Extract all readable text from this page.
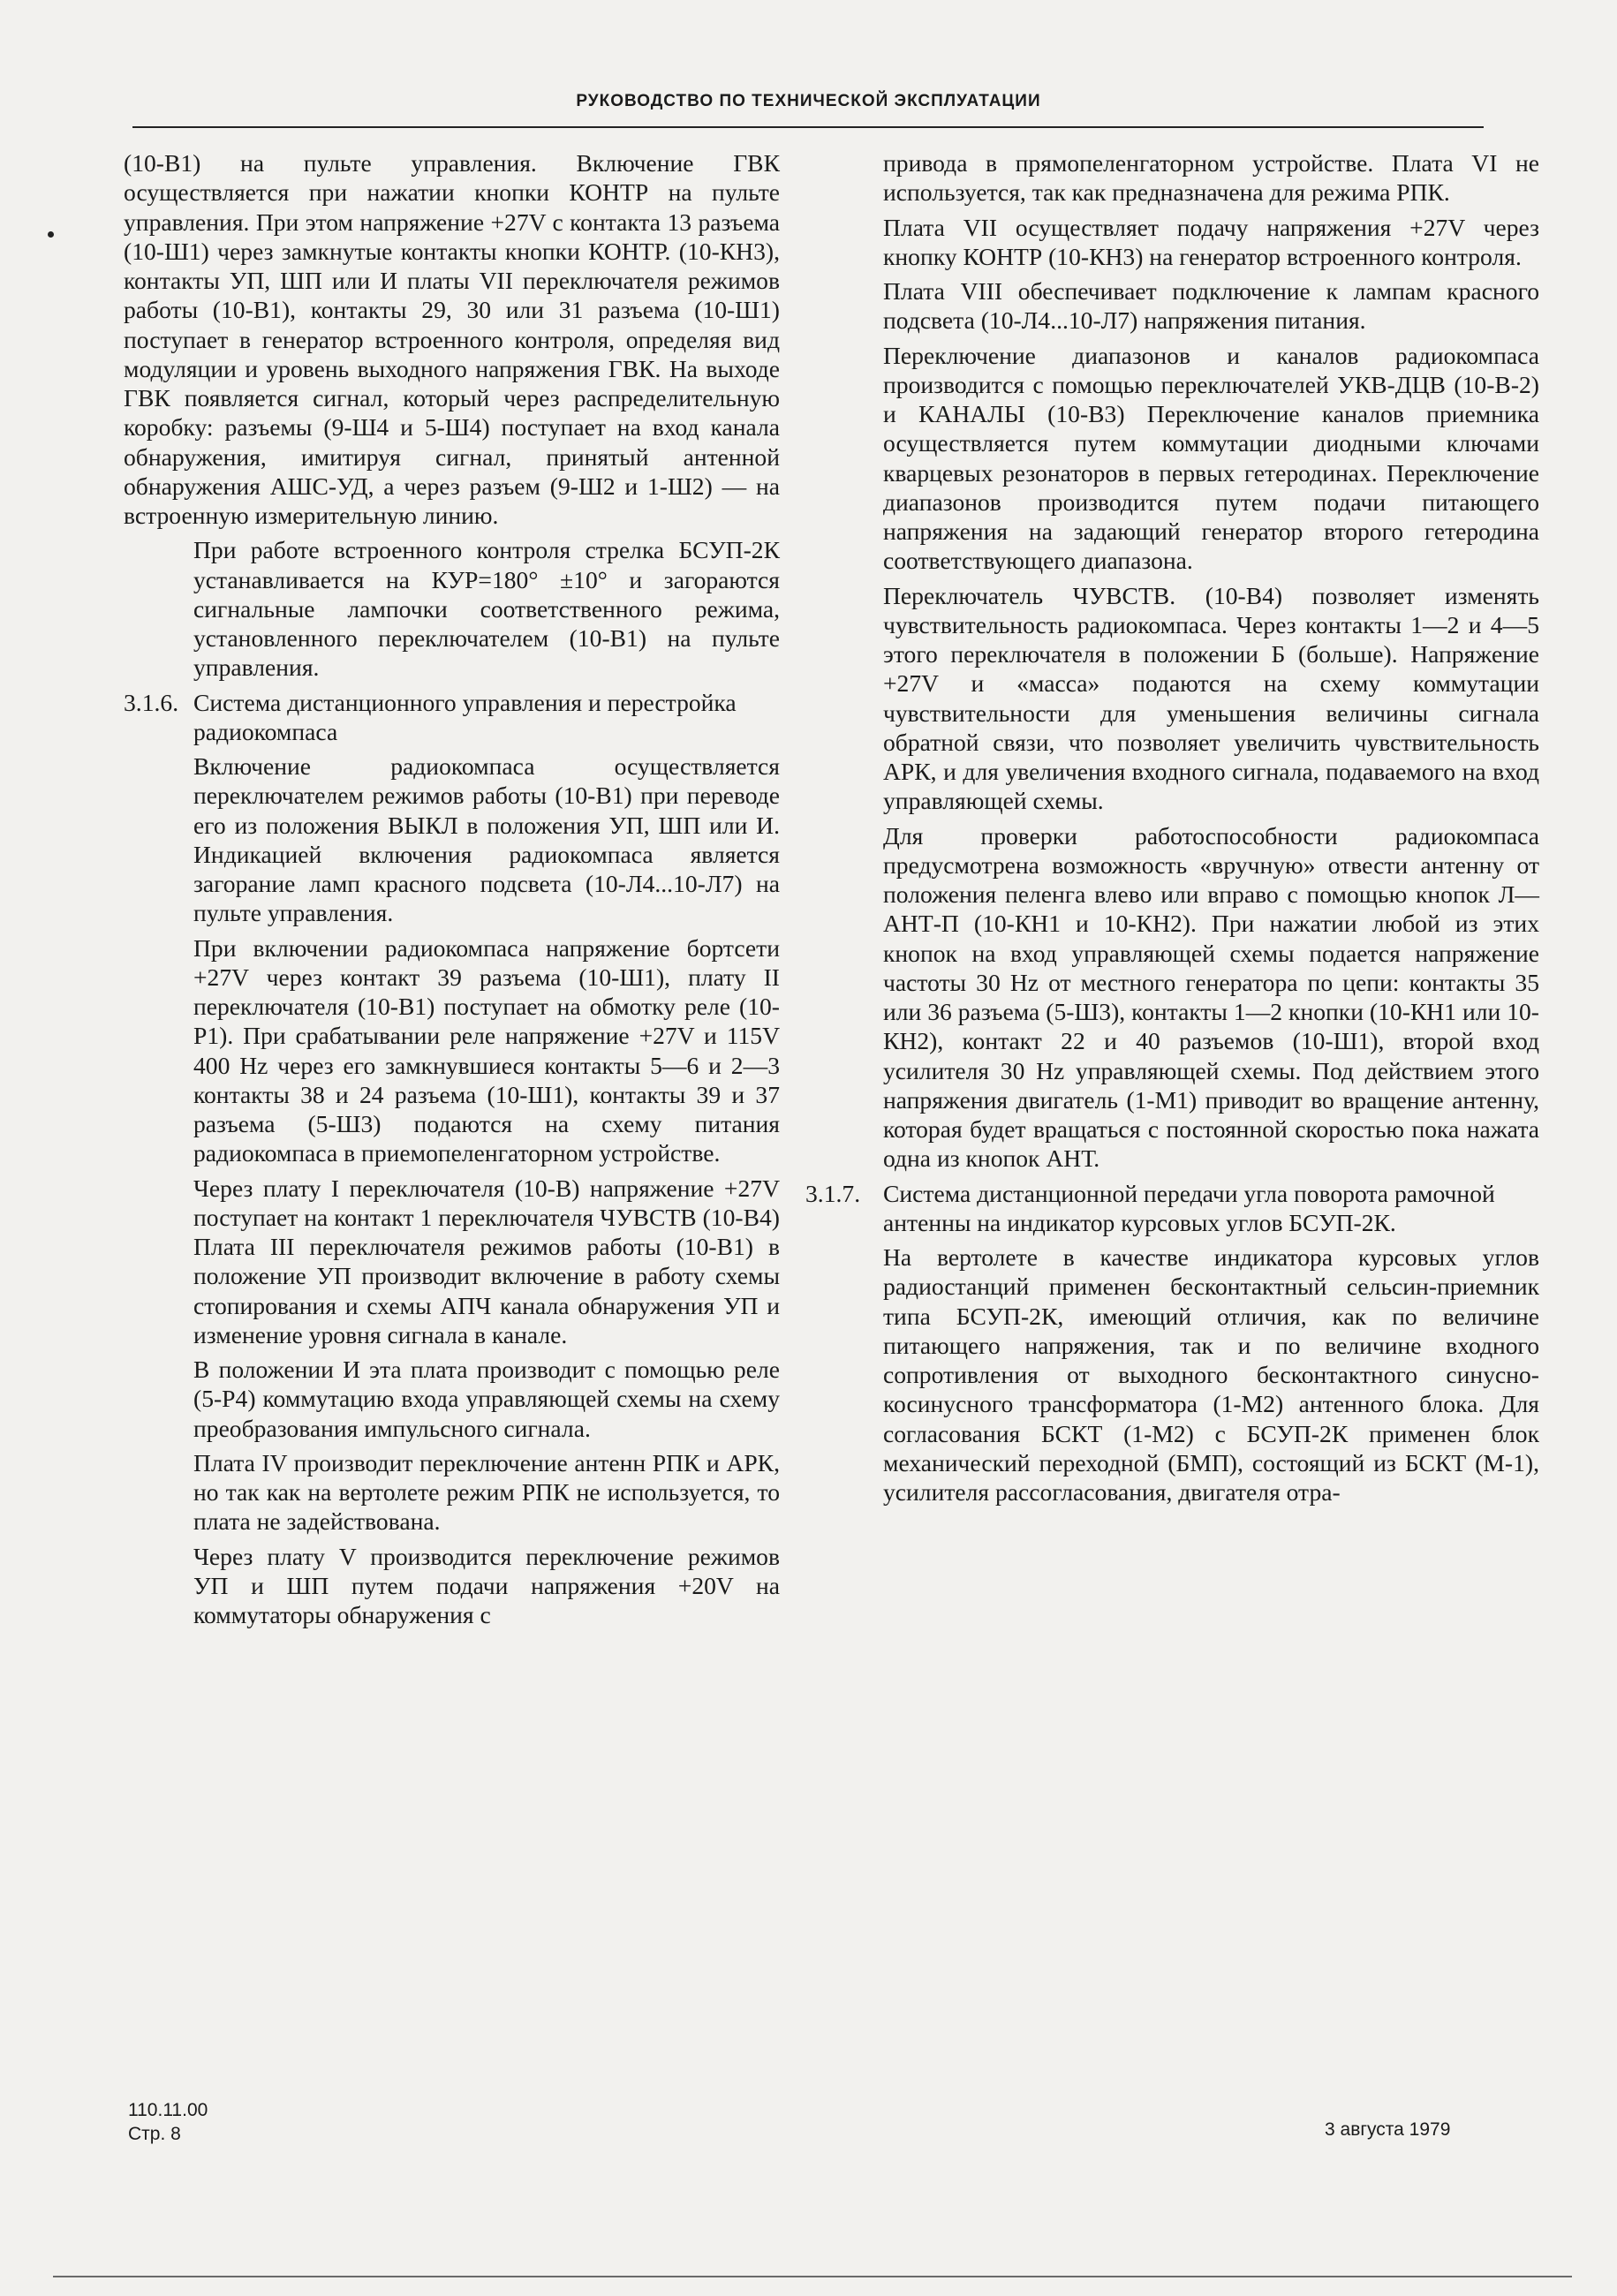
РУКОВОДСТВО ПО ТЕХНИЧЕСКОЙ ЭКСПЛУАТАЦИИ

(10-В1) на пульте управления. Включение ГВК осуществляется при нажатии кнопки КОНТР на пульте управления. При этом напряжение +27V с контакта 13 разъема (10-Ш1) через замкнутые контакты кнопки КОНТР. (10-КН3), контакты УП, ШП или И платы VII переключателя режимов работы (10-В1), контакты 29, 30 или 31 разъема (10-Ш1) поступает в генератор встроенного контроля, определяя вид модуляции и уровень выходного напряжения ГВК. На выходе ГВК появляется сигнал, который через распределительную коробку: разъемы (9-Ш4 и 5-Ш4) поступает на вход канала обнаружения, имитируя сигнал, принятый антенной обнаружения АШС-УД, а через разъем (9-Ш2 и 1-Ш2) — на встроенную измерительную линию.

При работе встроенного контроля стрелка БСУП-2К устанавливается на КУР=180° ±10° и загораются сигнальные лампочки соответственного режима, установленного переключателем (10-В1) на пульте управления.

3.1.6. Система дистанционного управления и перестройка радиокомпаса

Включение радиокомпаса осуществляется переключателем режимов работы (10-В1) при переводе его из положения ВЫКЛ в положения УП, ШП или И. Индикацией включения радиокомпаса является загорание ламп красного подсвета (10-Л4...10-Л7) на пульте управления.

При включении радиокомпаса напряжение бортсети +27V через контакт 39 разъема (10-Ш1), плату II переключателя (10-В1) поступает на обмотку реле (10-Р1). При срабатывании реле напряжение +27V и 115V 400 Hz через его замкнувшиеся контакты 5—6 и 2—3 контакты 38 и 24 разъема (10-Ш1), контакты 39 и 37 разъема (5-Ш3) подаются на схему питания радиокомпаса в приемопеленгаторном устройстве.

Через плату I переключателя (10-В) напряжение +27V поступает на контакт 1 переключателя ЧУВСТВ (10-В4) Плата III переключателя режимов работы (10-В1) в положение УП производит включение в работу схемы стопирования и схемы АПЧ канала обнаружения УП и изменение уровня сигнала в канале.

В положении И эта плата производит с помощью реле (5-Р4) коммутацию входа управляющей схемы на схему преобразования импульсного сигнала.

Плата IV производит переключение антенн РПК и АРК, но так как на вертолете режим РПК не используется, то плата не задействована.

Через плату V производится переключение режимов УП и ШП путем подачи напряжения +20V на коммутаторы обнаружения с

привода в прямопеленгаторном устройстве. Плата VI не используется, так как предназначена для режима РПК.

Плата VII осуществляет подачу напряжения +27V через кнопку КОНТР (10-КН3) на генератор встроенного контроля.

Плата VIII обеспечивает подключение к лампам красного подсвета (10-Л4...10-Л7) напряжения питания.

Переключение диапазонов и каналов радиокомпаса производится с помощью переключателей УКВ-ДЦВ (10-В-2) и КАНАЛЫ (10-В3) Переключение каналов приемника осуществляется путем коммутации диодными ключами кварцевых резонаторов в первых гетеродинах. Переключение диапазонов производится путем подачи питающего напряжения на задающий генератор второго гетеродина соответствующего диапазона.

Переключатель ЧУВСТВ. (10-В4) позволяет изменять чувствительность радиокомпаса. Через контакты 1—2 и 4—5 этого переключателя в положении Б (больше). Напряжение +27V и «масса» подаются на схему коммутации чувствительности для уменьшения величины сигнала обратной связи, что позволяет увеличить чувствительность АРК, и для увеличения входного сигнала, подаваемого на вход управляющей схемы.

Для проверки работоспособности радиокомпаса предусмотрена возможность «вручную» отвести антенну от положения пеленга влево или вправо с помощью кнопок Л—АНТ-П (10-КН1 и 10-КН2). При нажатии любой из этих кнопок на вход управляющей схемы подается напряжение частоты 30 Hz от местного генератора по цепи: контакты 35 или 36 разъема (5-Ш3), контакты 1—2 кнопки (10-КН1 или 10-КН2), контакт 22 и 40 разъемов (10-Ш1), второй вход усилителя 30 Hz управляющей схемы. Под действием этого напряжения двигатель (1-М1) приводит во вращение антенну, которая будет вращаться с постоянной скоростью пока нажата одна из кнопок АНТ.

3.1.7. Система дистанционной передачи угла поворота рамочной антенны на индикатор курсовых углов БСУП-2К.

На вертолете в качестве индикатора курсовых углов радиостанций применен бесконтактный сельсин-приемник типа БСУП-2К, имеющий отличия, как по величине питающего напряжения, так и по величине входного сопротивления от выходного бесконтактного синусно-косинусного трансформатора (1-М2) антенного блока. Для согласования БСКТ (1-М2) с БСУП-2К применен блок механический переходной (БМП), состоящий из БСКТ (М-1), усилителя рассогласования, двигателя отра-

110.11.00
Стр. 8	3 августа 1979
